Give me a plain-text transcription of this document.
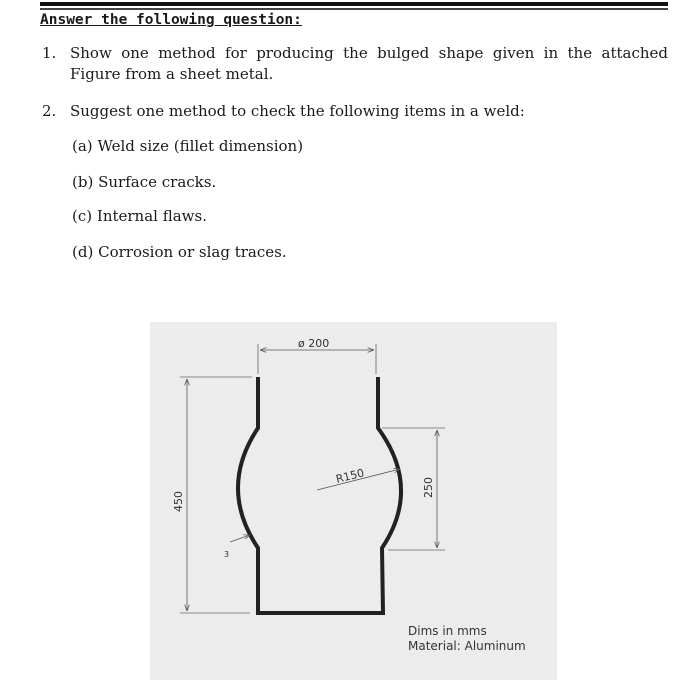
Answer the following question:
1. Show one method for producing the bulged shape given in the attached
Figure from a sheet metal.
2. Suggest one method to check the following items in a weld:
(a) Weld size (fillet dimension)
(b) Surface cracks.
(c) Internal flaws.
(d) Corrosion or slag traces.
ø 200
450
250
R150
3
Dims in mms
Material: Aluminum
